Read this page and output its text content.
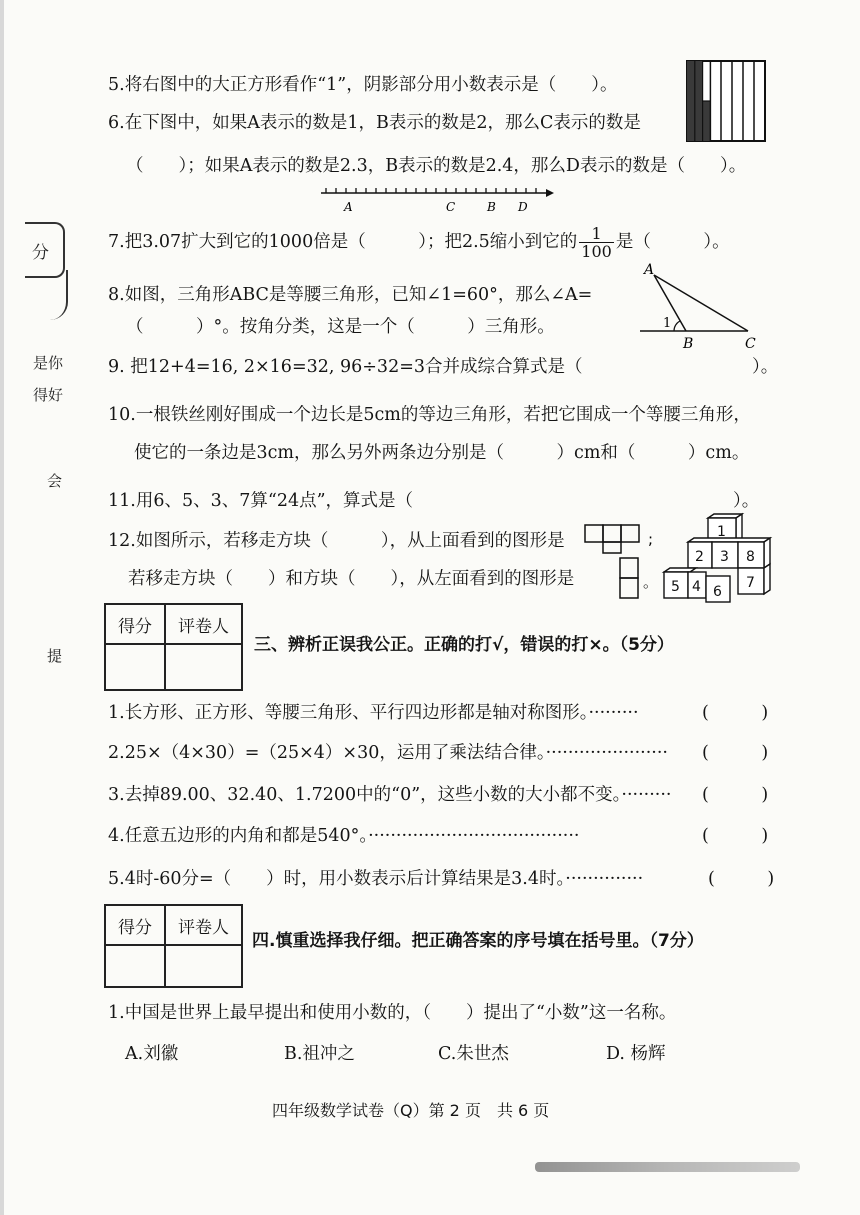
分
是你
得好
会
提
5.将右图中的大正方形看作“1”，阴影部分用小数表示是（　　）。
6.在下图中，如果A表示的数是1，B表示的数是2，那么C表示的数是
（　　）；如果A表示的数是2.3，B表示的数是2.4，那么D表示的数是（　　）。
A	C	B D
7.把3.07扩大到它的1000倍是（　　　）；把2.5缩小到它的 $\frac{1}{100}$ 是（　　　）。
8.如图，三角形ABC是等腰三角形，已知∠1=60°，那么∠A=
（　　　）°。按角分类，这是一个（　　　）三角形。
A
B	C
1
9. 把12+4=16, 2×16=32, 96÷32=3合并成综合算式是（	）。
10.一根铁丝刚好围成一个边长是5cm的等边三角形，若把它围成一个等腰三角形，
使它的一条边是3cm，那么另外两条边分别是（　　　）cm和（　　　）cm。
11.用6、5、3、7算“24点”，算式是（	）。
12.如图所示，若移走方块（　　　），从上面看到的图形是	;
若移走方块（　　）和方块（　　），从左面看到的图形是	。
1
2 3 8
5 4 6
7
得分	评卷人

三、辨析正误我公正。正确的打√，错误的打×。（5分）
1.长方形、正方形、等腰三角形、平行四边形都是轴对称图形。·········	(　　　)
2.25×（4×30）=（25×4）×30，运用了乘法结合律。······················ (　　　)
3.去掉89.00、32.40、1.7200中的“0”，这些小数的大小都不变。········· (　　　)
4.任意五边形的内角和都是540°。······································	(　　　)
5.4时-60分=（　　）时，用小数表示后计算结果是3.4时。··············	(　　　)
得分	评卷人

四.慎重选择我仔细。把正确答案的序号填在括号里。（7分）
1.中国是世界上最早提出和使用小数的，（　　）提出了“小数”这一名称。
A.刘徽	B.祖冲之	C.朱世杰	D. 杨辉
四年级数学试卷（Q）第 2 页　共 6 页
